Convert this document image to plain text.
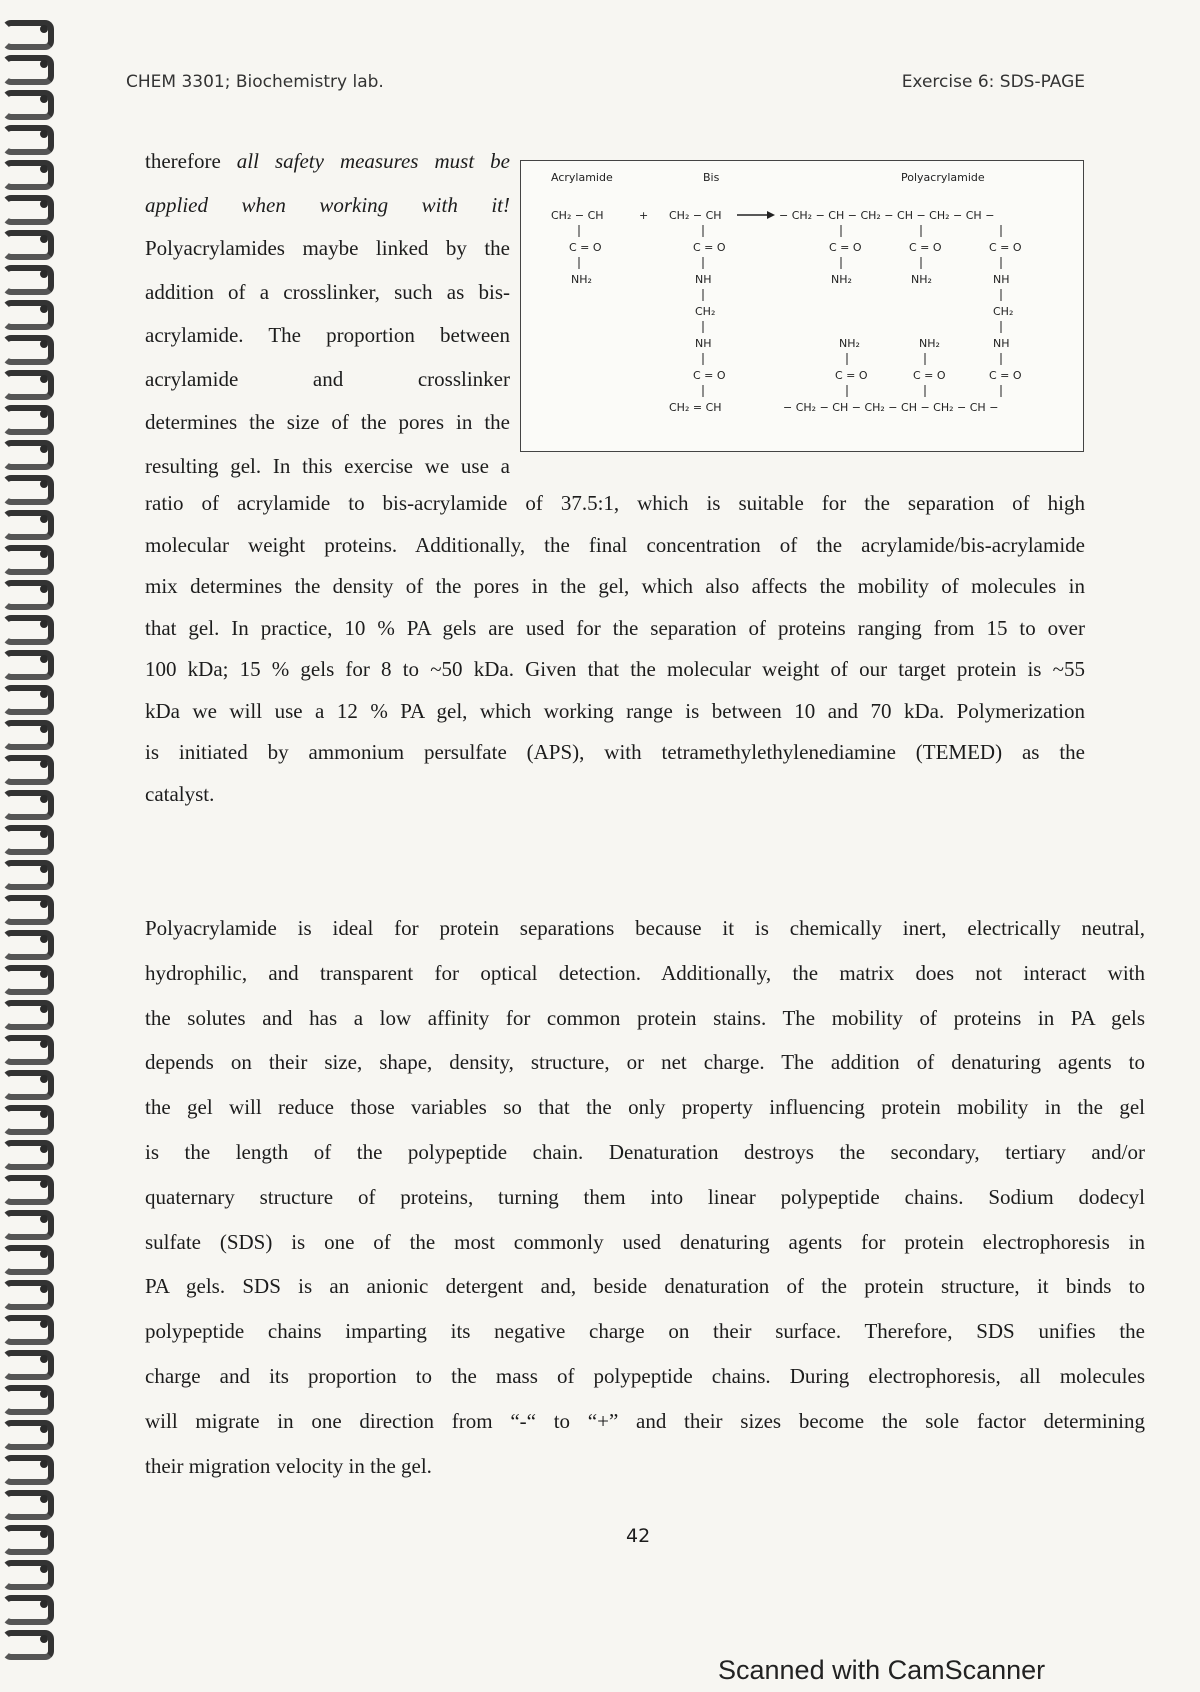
CHEM 3301; Biochemistry lab.	Exercise 6: SDS-PAGE
therefore all safety measures must be
applied when working with it!
Polyacrylamides maybe linked by the
addition of a crosslinker, such as bis-
acrylamide. The proportion between
acrylamide        and        crosslinker
determines the size of the pores in the
resulting gel. In this exercise we use a
Acrylamide	Bis	Polyacrylamide
CH₂ − CH
C = O
NH₂
+ CH₂ − CH
C = O
NH
CH₂
NH
C = O
CH₂ = CH
− CH₂ − CH − CH₂ − CH − CH₂ − CH −
C = O	C = O	C = O
NH₂	NH₂	NH
CH₂
NH
NH₂	NH₂
C = O	C = O	C = O
− CH₂ − CH − CH₂ − CH − CH₂ − CH −
ratio of acrylamide to bis-acrylamide of 37.5:1, which is suitable for the separation of high
molecular weight proteins. Additionally, the final concentration of the acrylamide/bis-acrylamide
mix determines the density of the pores in the gel, which also affects the mobility of molecules in
that gel. In practice, 10 % PA gels are used for the separation of proteins ranging from 15 to over
100 kDa; 15 % gels for 8 to ~50 kDa. Given that the molecular weight of our target protein is ~55
kDa we will use a 12 % PA gel, which working range is between 10 and 70 kDa. Polymerization
is initiated by ammonium persulfate (APS), with tetramethylethylenediamine (TEMED) as the
catalyst.
Polyacrylamide is ideal for protein separations because it is chemically inert, electrically neutral,
hydrophilic, and transparent for optical detection. Additionally, the matrix does not interact with
the solutes and has a low affinity for common protein stains. The mobility of proteins in PA gels
depends on their size, shape, density, structure, or net charge. The addition of denaturing agents to
the gel will reduce those variables so that the only property influencing protein mobility in the gel
is the length of the polypeptide chain. Denaturation destroys the secondary, tertiary and/or
quaternary structure of proteins, turning them into linear polypeptide chains. Sodium dodecyl
sulfate (SDS) is one of the most commonly used denaturing agents for protein electrophoresis in
PA gels. SDS is an anionic detergent and, beside denaturation of the protein structure, it binds to
polypeptide chains imparting its negative charge on their surface. Therefore, SDS unifies the
charge and its proportion to the mass of polypeptide chains. During electrophoresis, all molecules
will migrate in one direction from “-“ to “+” and their sizes become the sole factor determining
their migration velocity in the gel.
42
Scanned with CamScanner
